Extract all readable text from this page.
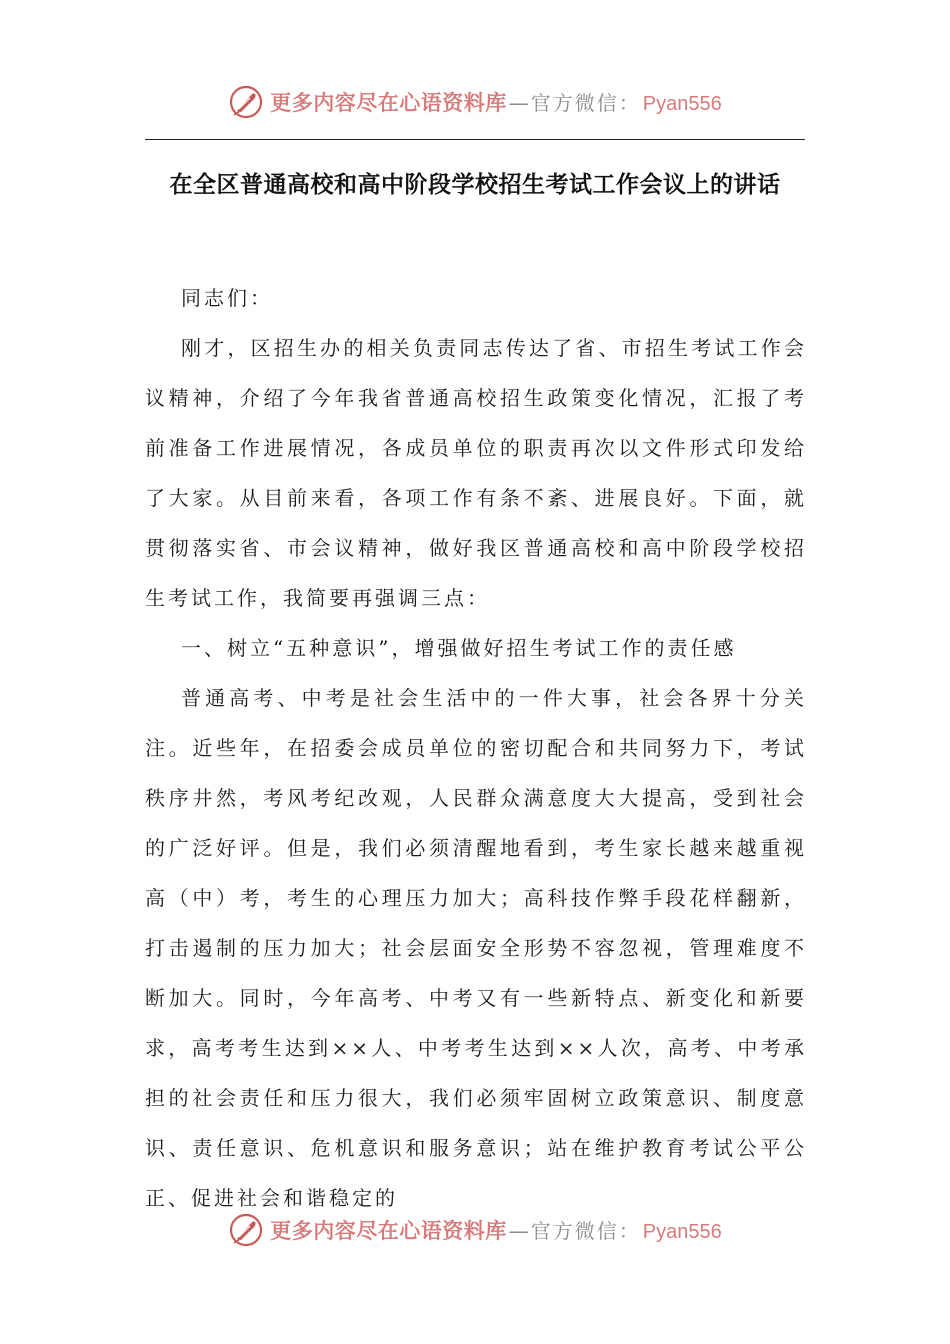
更多内容尽在心语资料库 — 官方微信： Pyan556
在全区普通高校和高中阶段学校招生考试工作会议上的讲话

同志们：

刚才，区招生办的相关负责同志传达了省、市招生考试工作会议精神，介绍了今年我省普通高校招生政策变化情况，汇报了考前准备工作进展情况，各成员单位的职责再次以文件形式印发给了大家。从目前来看，各项工作有条不紊、进展良好。下面，就贯彻落实省、市会议精神，做好我区普通高校和高中阶段学校招生考试工作，我简要再强调三点：

一、树立“五种意识”，增强做好招生考试工作的责任感

普通高考、中考是社会生活中的一件大事，社会各界十分关注。近些年，在招委会成员单位的密切配合和共同努力下，考试秩序井然，考风考纪改观，人民群众满意度大大提高，受到社会的广泛好评。但是，我们必须清醒地看到，考生家长越来越重视高（中）考，考生的心理压力加大；高科技作弊手段花样翻新，打击遏制的压力加大；社会层面安全形势不容忽视，管理难度不断加大。同时，今年高考、中考又有一些新特点、新变化和新要求，高考考生达到××人、中考考生达到××人次，高考、中考承担的社会责任和压力很大，我们必须牢固树立政策意识、制度意识、责任意识、危机意识和服务意识；站在维护教育考试公平公正、促进社会和谐稳定的

更多内容尽在心语资料库 — 官方微信： Pyan556
